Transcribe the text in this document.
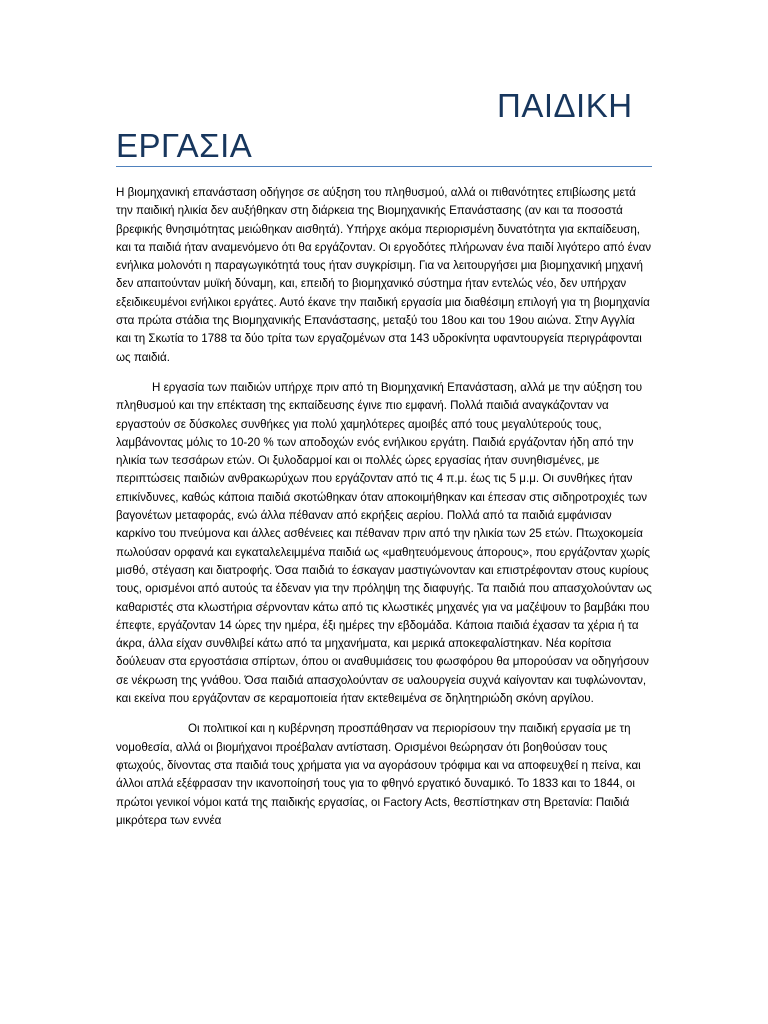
ΠΑΙΔΙΚΗ
ΕΡΓΑΣΙΑ

Η βιομηχανική επανάσταση οδήγησε σε αύξηση του πληθυσμού, αλλά οι πιθανότητες επιβίωσης μετά την παιδική ηλικία δεν αυξήθηκαν στη διάρκεια της Βιομηχανικής Επανάστασης (αν και τα ποσοστά βρεφικής θνησιμότητας μειώθηκαν αισθητά). Υπήρχε ακόμα περιορισμένη δυνατότητα για εκπαίδευση, και τα παιδιά ήταν αναμενόμενο ότι θα εργάζονταν. Οι εργοδότες πλήρωναν ένα παιδί λιγότερο από έναν ενήλικα μολονότι η παραγωγικότητά τους ήταν συγκρίσιμη. Για να λειτουργήσει μια βιομηχανική μηχανή δεν απαιτούνταν μυϊκή δύναμη, και, επειδή το βιομηχανικό σύστημα ήταν εντελώς νέο, δεν υπήρχαν εξειδικευμένοι ενήλικοι εργάτες. Αυτό έκανε την παιδική εργασία μια διαθέσιμη επιλογή για τη βιομηχανία στα πρώτα στάδια της Βιομηχανικής Επανάστασης, μεταξύ του 18ου και του 19ου αιώνα. Στην Αγγλία και τη Σκωτία το 1788 τα δύο τρίτα των εργαζομένων στα 143 υδροκίνητα υφαντουργεία περιγράφονται ως παιδιά.

Η εργασία των παιδιών υπήρχε πριν από τη Βιομηχανική Επανάσταση, αλλά με την αύξηση του πληθυσμού και την επέκταση της εκπαίδευσης έγινε πιο εμφανή. Πολλά παιδιά αναγκάζονταν να εργαστούν σε δύσκολες συνθήκες για πολύ χαμηλότερες αμοιβές από τους μεγαλύτερούς τους, λαμβάνοντας μόλις το 10-20 % των αποδοχών ενός ενήλικου εργάτη. Παιδιά εργάζονταν ήδη από την ηλικία των τεσσάρων ετών. Οι ξυλοδαρμοί και οι πολλές ώρες εργασίας ήταν συνηθισμένες, με περιπτώσεις παιδιών ανθρακωρύχων που εργάζονταν από τις 4 π.μ. έως τις 5 μ.μ. Οι συνθήκες ήταν επικίνδυνες, καθώς κάποια παιδιά σκοτώθηκαν όταν αποκοιμήθηκαν και έπεσαν στις σιδηροτροχιές των βαγονέτων μεταφοράς, ενώ άλλα πέθαναν από εκρήξεις αερίου. Πολλά από τα παιδιά εμφάνισαν καρκίνο του πνεύμονα και άλλες ασθένειες και πέθαναν πριν από την ηλικία των 25 ετών. Πτωχοκομεία πωλούσαν ορφανά και εγκαταλελειμμένα παιδιά ως «μαθητευόμενους άπορους», που εργάζονταν χωρίς μισθό, στέγαση και διατροφής. Όσα παιδιά το έσκαγαν μαστιγώνονταν και επιστρέφονταν στους κυρίους τους, ορισμένοι από αυτούς τα έδεναν για την πρόληψη της διαφυγής. Τα παιδιά που απασχολούνταν ως καθαριστές στα κλωστήρια σέρνονταν κάτω από τις κλωστικές μηχανές για να μαζέψουν το βαμβάκι που έπεφτε, εργάζονταν 14 ώρες την ημέρα, έξι ημέρες την εβδομάδα. Κάποια παιδιά έχασαν τα χέρια ή τα άκρα, άλλα είχαν συνθλιβεί κάτω από τα μηχανήματα, και μερικά αποκεφαλίστηκαν. Νέα κορίτσια δούλευαν στα εργοστάσια σπίρτων, όπου οι αναθυμιάσεις του φωσφόρου θα μπορούσαν να οδηγήσουν σε νέκρωση της γνάθου. Όσα παιδιά απασχολούνταν σε υαλουργεία συχνά καίγονταν και τυφλώνονταν, και εκείνα που εργάζονταν σε κεραμοποιεία ήταν εκτεθειμένα σε δηλητηριώδη σκόνη αργίλου.

Οι πολιτικοί και η κυβέρνηση προσπάθησαν να περιορίσουν την παιδική εργασία με τη νομοθεσία, αλλά οι βιομήχανοι προέβαλαν αντίσταση. Ορισμένοι θεώρησαν ότι βοηθούσαν τους φτωχούς, δίνοντας στα παιδιά τους χρήματα για να αγοράσουν τρόφιμα και να αποφευχθεί η πείνα, και άλλοι απλά εξέφρασαν την ικανοποίησή τους για το φθηνό εργατικό δυναμικό. Το 1833 και το 1844, οι πρώτοι γενικοί νόμοι κατά της παιδικής εργασίας, οι Factory Acts, θεσπίστηκαν στη Βρετανία: Παιδιά μικρότερα των εννέα
